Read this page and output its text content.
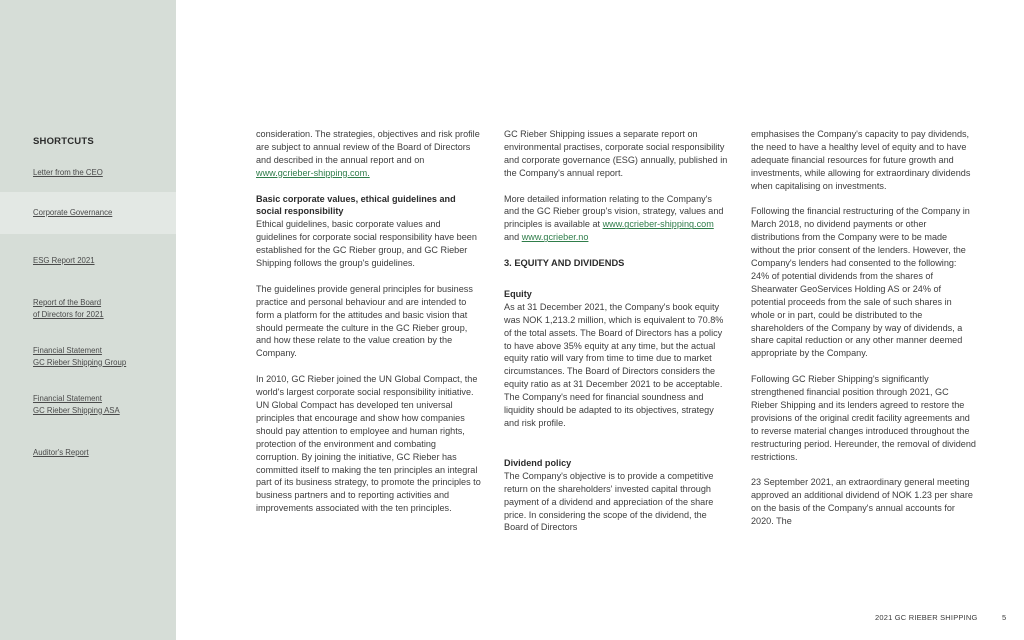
SHORTCUTS
Letter from the CEO
Corporate Governance
ESG Report 2021
Report of the Board
of Directors for 2021
Financial Statement
GC Rieber Shipping Group
Financial Statement
GC Rieber Shipping ASA
Auditor's Report

consideration. The strategies, objectives and risk profile are subject to annual review of the Board of Directors and described in the annual report and on www.gcrieber-shipping.com.

Basic corporate values, ethical guidelines and social responsibility

Ethical guidelines, basic corporate values and guidelines for corporate social responsibility have been established for the GC Rieber group, and GC Rieber Shipping follows the group's guidelines.

The guidelines provide general principles for business practice and personal behaviour and are intended to form a platform for the attitudes and basic vision that should permeate the culture in the GC Rieber group, and how these relate to the value creation by the Company.

In 2010, GC Rieber joined the UN Global Compact, the world's largest corporate social responsibility initiative. UN Global Compact has developed ten universal principles that encourage and show how companies should pay attention to employee and human rights, protection of the environment and combating corruption. By joining the initiative, GC Rieber has committed itself to making the ten principles an integral part of its business strategy, to promote the principles to business partners and to reporting activities and improvements associated with the ten principles.

GC Rieber Shipping issues a separate report on environmental practises, corporate social responsibility and corporate governance (ESG) annually, published in the Company's annual report.

More detailed information relating to the Company's and the GC Rieber group's vision, strategy, values and principles is available at www.gcrieber-shipping.com and www.gcrieber.no

3. EQUITY AND DIVIDENDS
Equity

As at 31 December 2021, the Company's book equity was NOK 1,213.2 million, which is equivalent to 70.8% of the total assets. The Board of Directors has a policy to have above 35% equity at any time, but the actual equity ratio will vary from time to time due to market circumstances. The Board of Directors considers the equity ratio as at 31 December 2021 to be acceptable. The Company's need for financial soundness and liquidity should be adapted to its objectives, strategy and risk profile.

Dividend policy

The Company's objective is to provide a competitive return on the shareholders' invested capital through payment of a dividend and appreciation of the share price. In considering the scope of the dividend, the Board of Directors

emphasises the Company's capacity to pay dividends, the need to have a healthy level of equity and to have adequate financial resources for future growth and investments, while allowing for extraordinary dividends when capitalising on investments.

Following the financial restructuring of the Company in March 2018, no dividend payments or other distributions from the Company were to be made without the prior consent of the lenders. However, the Company's lenders had consented to the following: 24% of potential dividends from the shares of Shearwater GeoServices Holding AS or 24% of potential proceeds from the sale of such shares in whole or in part, could be distributed to the shareholders of the Company by way of dividends, a share capital reduction or any other manner deemed appropriate by the Company.

Following GC Rieber Shipping's significantly strengthened financial position through 2021, GC Rieber Shipping and its lenders agreed to restore the provisions of the original credit facility agreements and to reverse material changes introduced throughout the restructuring period. Hereunder, the removal of dividend restrictions.

23 September 2021, an extraordinary general meeting approved an additional dividend of NOK 1.23 per share on the basis of the Company's annual accounts for 2020. The

2021 GC RIEBER SHIPPING	5
